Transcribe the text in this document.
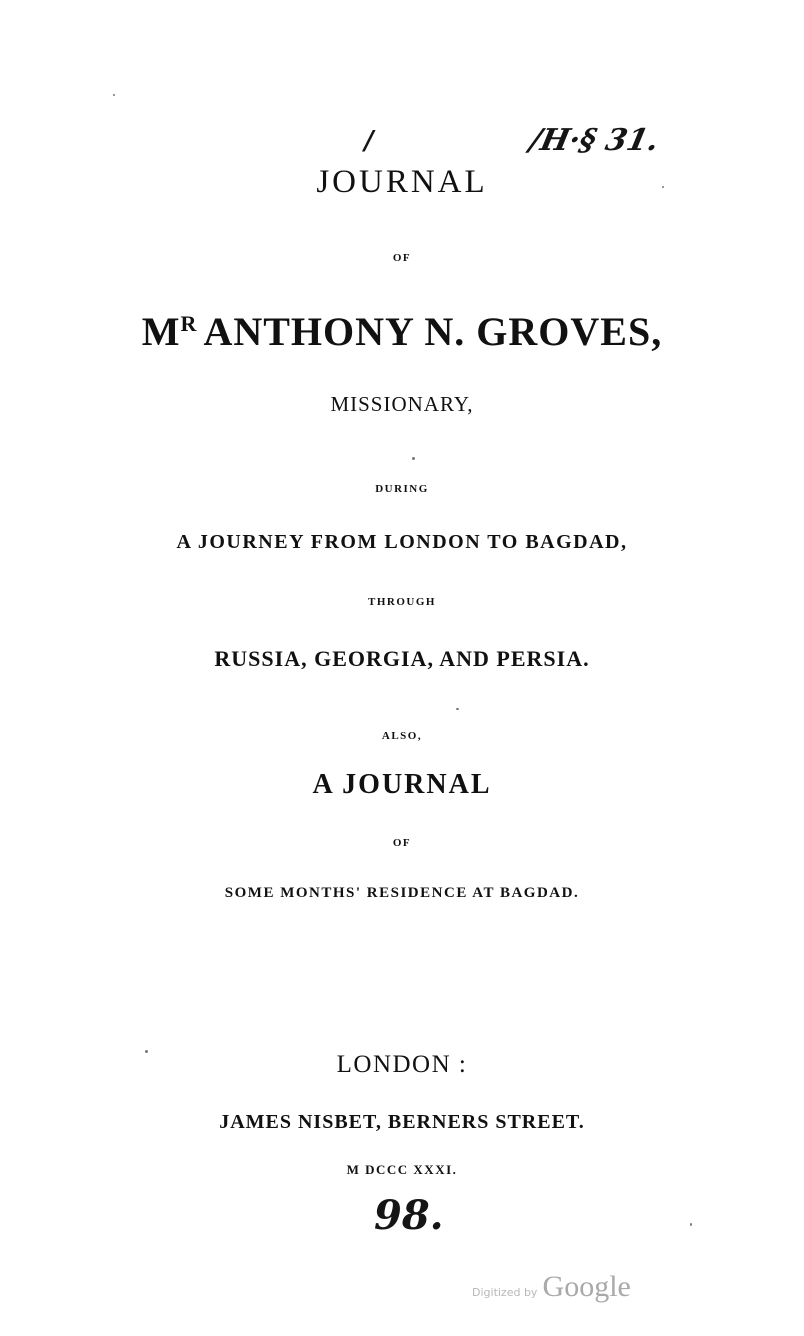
/	/H·§ 31.
JOURNAL
OF
$M^R$ ANTHONY N. GROVES,
MISSIONARY,
DURING
A JOURNEY FROM LONDON TO BAGDAD,
THROUGH
RUSSIA, GEORGIA, AND PERSIA.
ALSO,
A JOURNAL
OF
SOME MONTHS' RESIDENCE AT BAGDAD.
LONDON :
JAMES NISBET, BERNERS STREET.
M DCCC XXXI.
98.
Digitized by Google
